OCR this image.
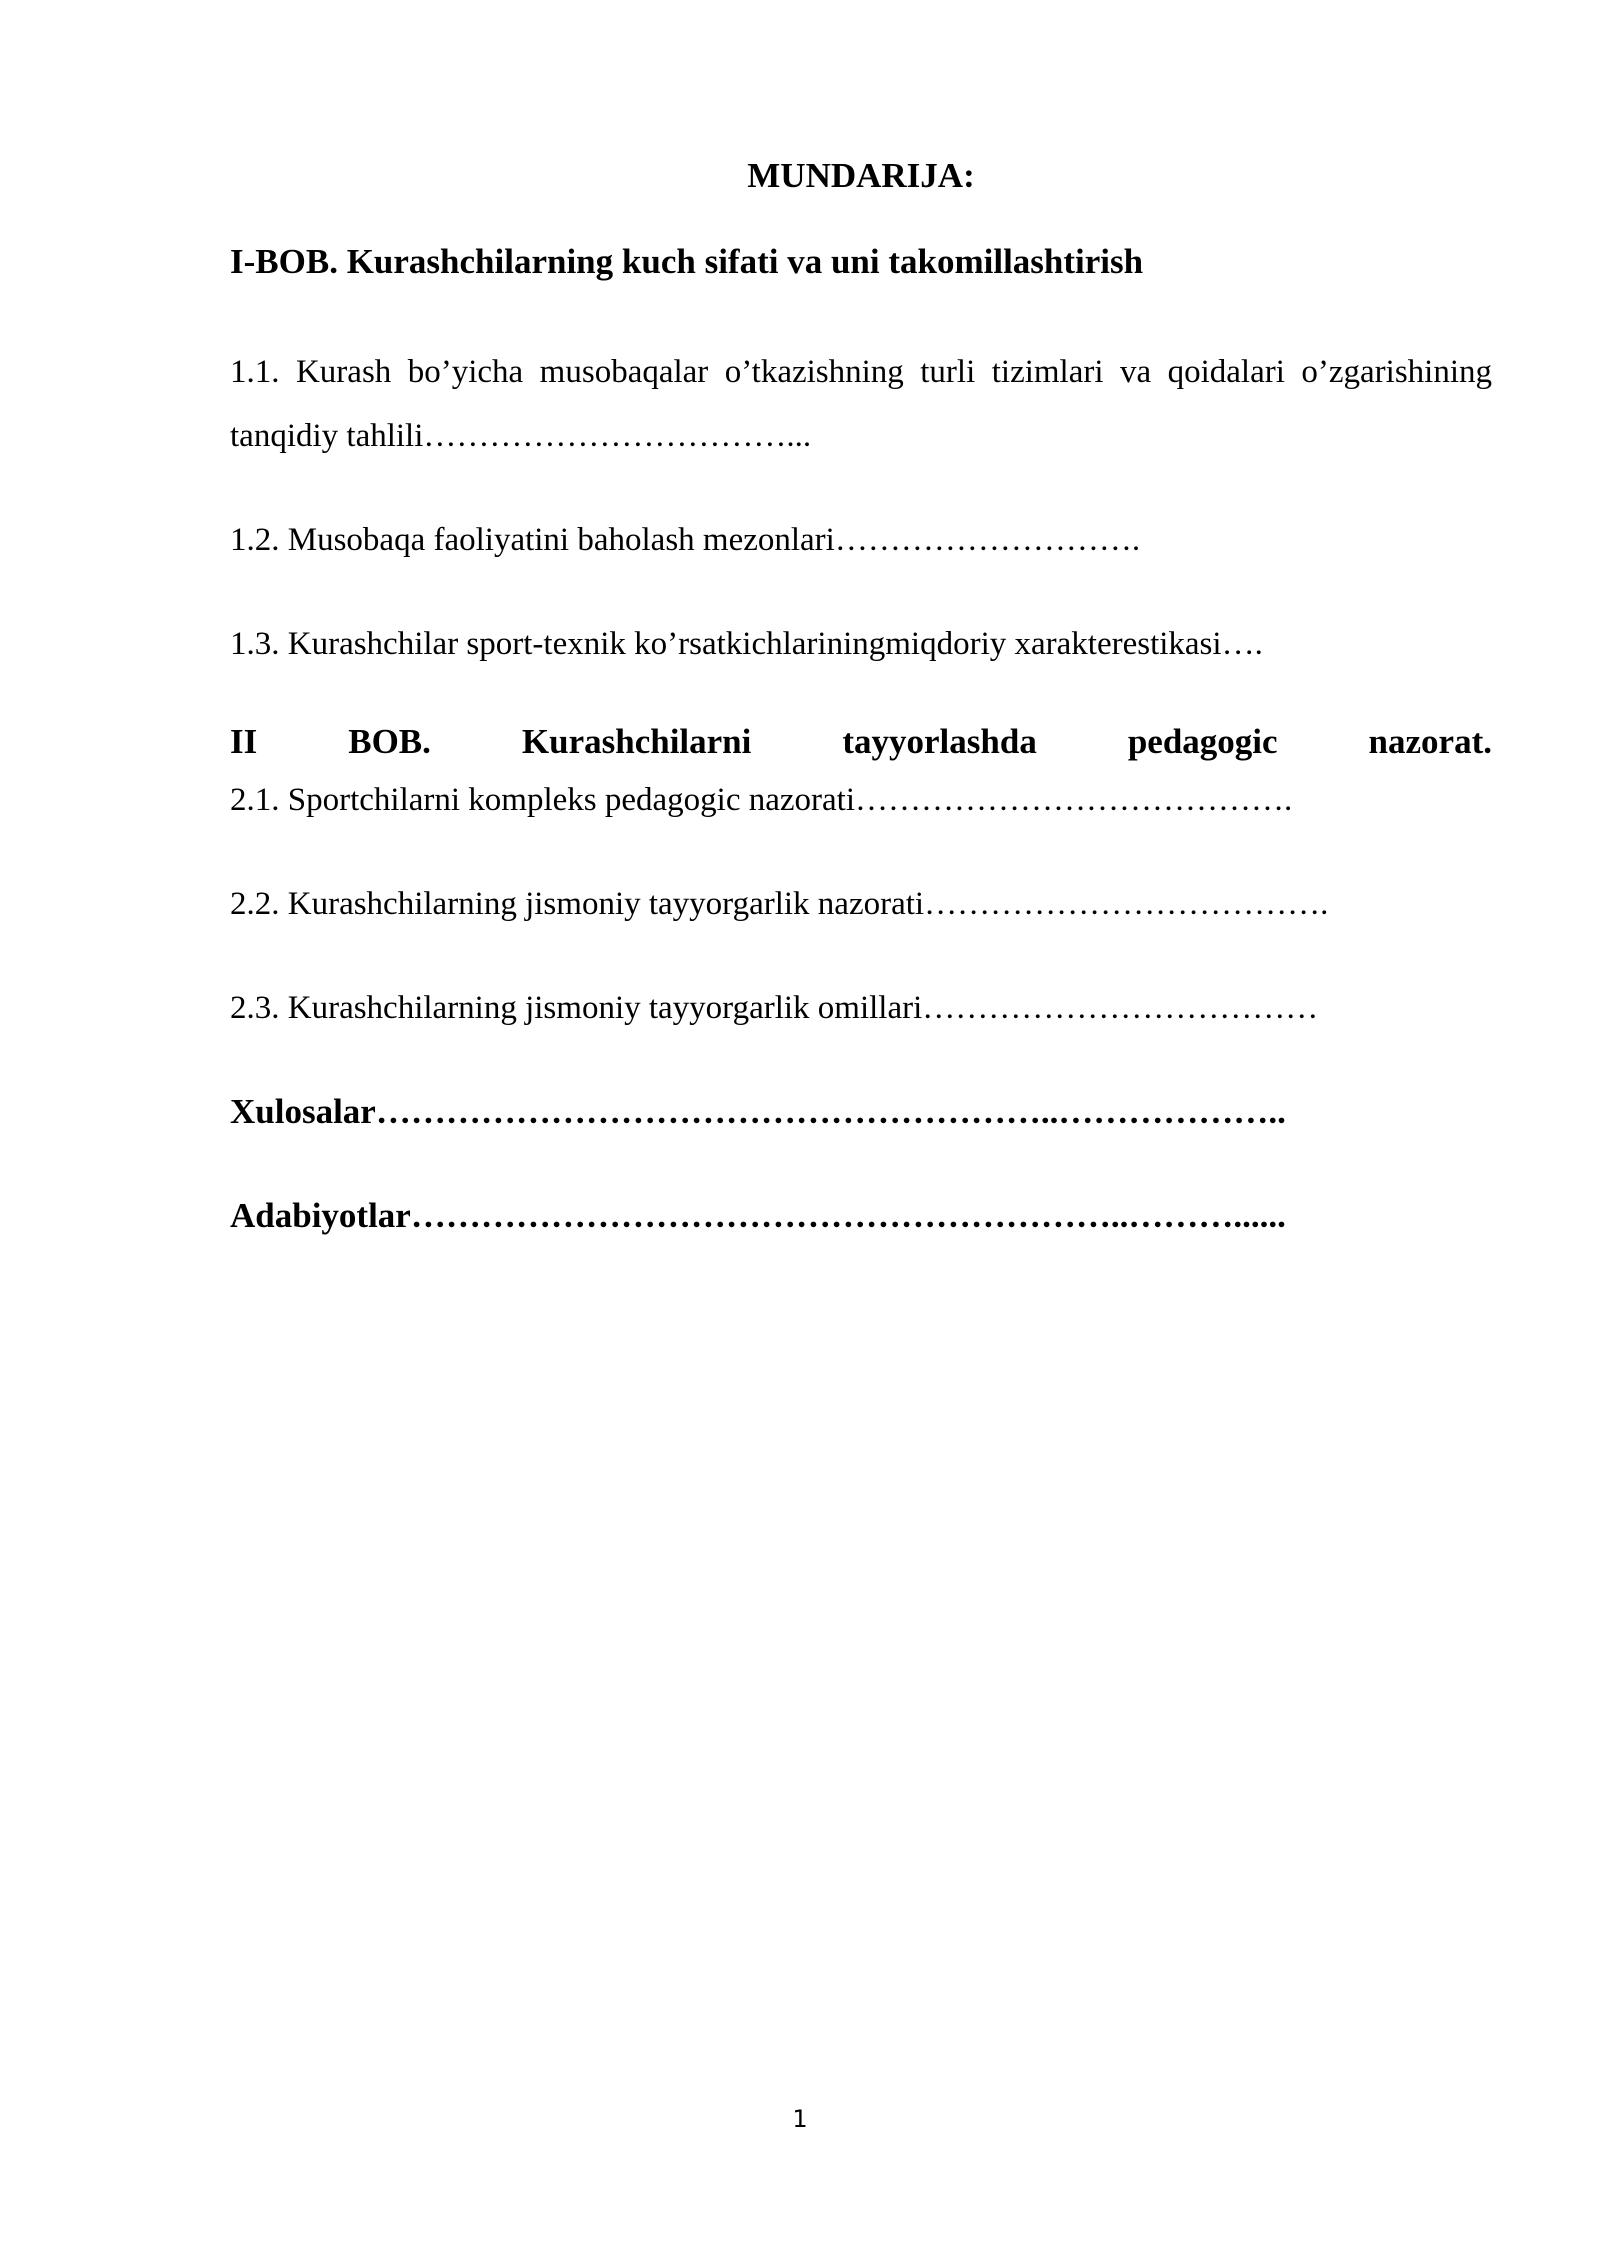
MUNDARIJA:
I-BOB. Kurashchilarning kuch sifati va uni takomillashtirish
1.1. Kurash bo’yicha musobaqalar o’tkazishning turli tizimlari va qoidalari o’zgarishining tanqidiy tahlili……………………………...
1.2. Musobaqa faoliyatini baholash mezonlari……………………….
1.3. Kurashchilar sport-texnik ko’rsatkichlariningmiqdoriy xarakterestikasi….
II BOB. Kurashchilarni tayyorlashda pedagogic nazorat.
2.1. Sportchilarni kompleks pedagogic nazorati………………………………….
2.2. Kurashchilarning jismoniy tayyorgarlik nazorati……………………………….
2.3. Kurashchilarning jismoniy tayyorgarlik omillari………………………………
Xulosalar…………………………………………………..………………..
Adabiyotlar……………………………………………………..………......
1
